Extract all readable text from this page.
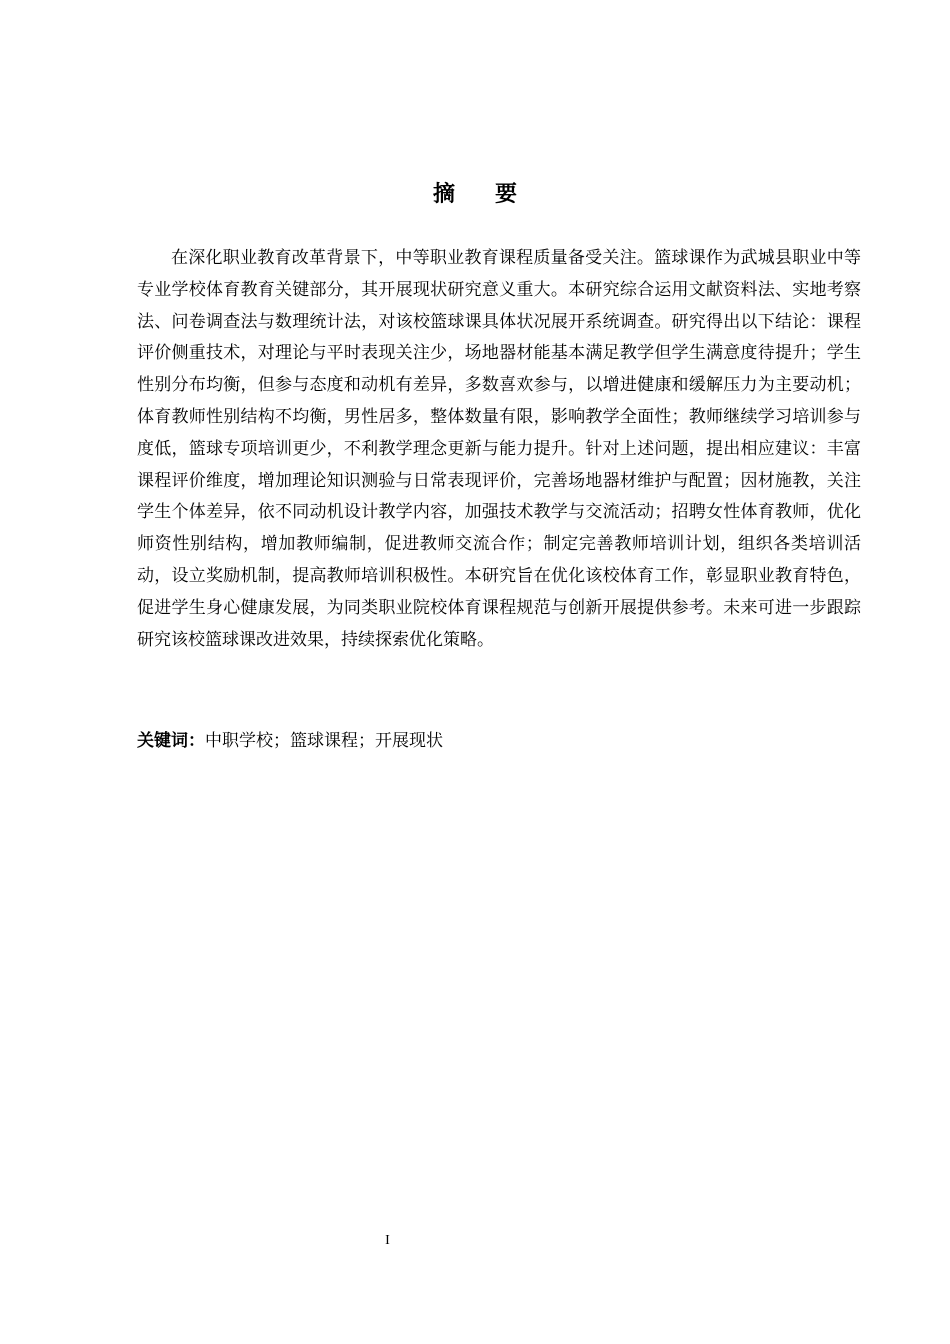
摘要

在深化职业教育改革背景下，中等职业教育课程质量备受关注。篮球课作为武城县职业中等专业学校体育教育关键部分，其开展现状研究意义重大。本研究综合运用文献资料法、实地考察法、问卷调查法与数理统计法，对该校篮球课具体状况展开系统调查。研究得出以下结论：课程评价侧重技术，对理论与平时表现关注少，场地器材能基本满足教学但学生满意度待提升；学生性别分布均衡，但参与态度和动机有差异，多数喜欢参与，以增进健康和缓解压力为主要动机；体育教师性别结构不均衡，男性居多，整体数量有限，影响教学全面性；教师继续学习培训参与度低，篮球专项培训更少，不利教学理念更新与能力提升。针对上述问题，提出相应建议：丰富课程评价维度，增加理论知识测验与日常表现评价，完善场地器材维护与配置；因材施教，关注学生个体差异，依不同动机设计教学内容，加强技术教学与交流活动；招聘女性体育教师，优化师资性别结构，增加教师编制，促进教师交流合作；制定完善教师培训计划，组织各类培训活动，设立奖励机制，提高教师培训积极性。本研究旨在优化该校体育工作，彰显职业教育特色，促进学生身心健康发展，为同类职业院校体育课程规范与创新开展提供参考。未来可进一步跟踪研究该校篮球课改进效果，持续探索优化策略。

关键词：中职学校；篮球课程；开展现状

I
